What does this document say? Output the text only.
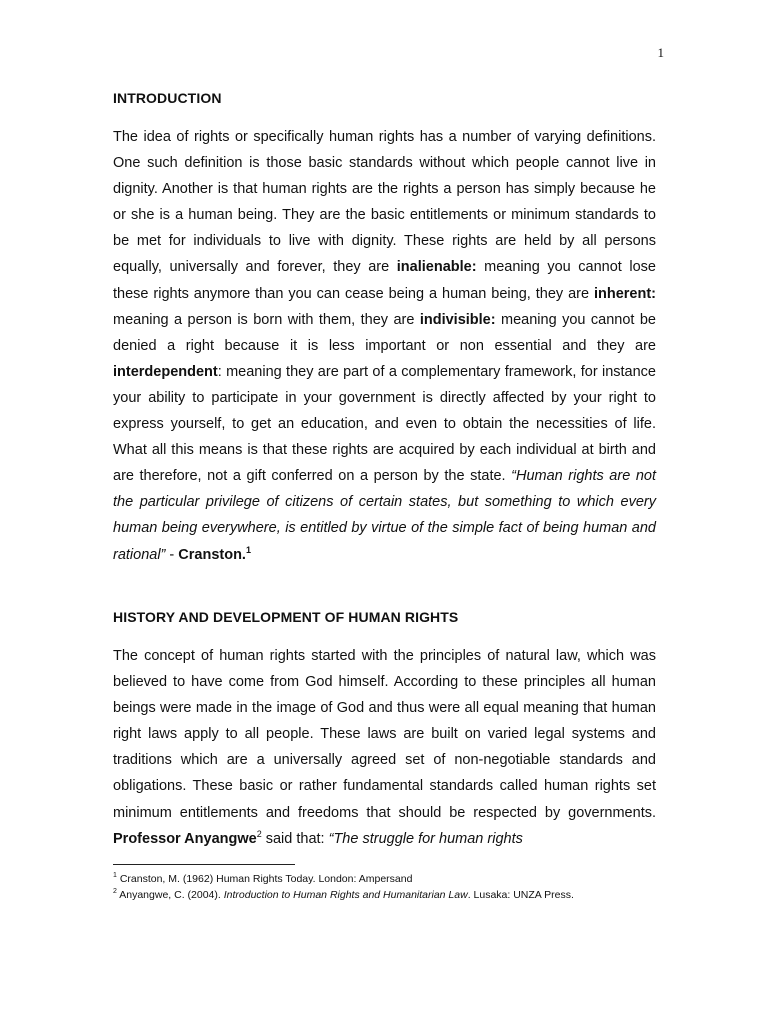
1
INTRODUCTION

The idea of rights or specifically human rights has a number of varying definitions. One such definition is those basic standards without which people cannot live in dignity. Another is that human rights are the rights a person has simply because he or she is a human being. They are the basic entitlements or minimum standards to be met for individuals to live with dignity. These rights are held by all persons equally, universally and forever, they are inalienable: meaning you cannot lose these rights anymore than you can cease being a human being, they are inherent: meaning a person is born with them, they are indivisible: meaning you cannot be denied a right because it is less important or non essential and they are interdependent: meaning they are part of a complementary framework, for instance your ability to participate in your government is directly affected by your right to express yourself, to get an education, and even to obtain the necessities of life. What all this means is that these rights are acquired by each individual at birth and are therefore, not a gift conferred on a person by the state. “Human rights are not the particular privilege of citizens of certain states, but something to which every human being everywhere, is entitled by virtue of the simple fact of being human and rational” - Cranston.$^1$

HISTORY AND DEVELOPMENT OF HUMAN RIGHTS

The concept of human rights started with the principles of natural law, which was believed to have come from God himself. According to these principles all human beings were made in the image of God and thus were all equal meaning that human right laws apply to all people. These laws are built on varied legal systems and traditions which are a universally agreed set of non-negotiable standards and obligations. These basic or rather fundamental standards called human rights set minimum entitlements and freedoms that should be respected by governments. Professor Anyangwe$^2$ said that: “The struggle for human rights

$^1$ Cranston, M. (1962) Human Rights Today. London: Ampersand

$^2$ Anyangwe, C. (2004). Introduction to Human Rights and Humanitarian Law. Lusaka: UNZA Press.
